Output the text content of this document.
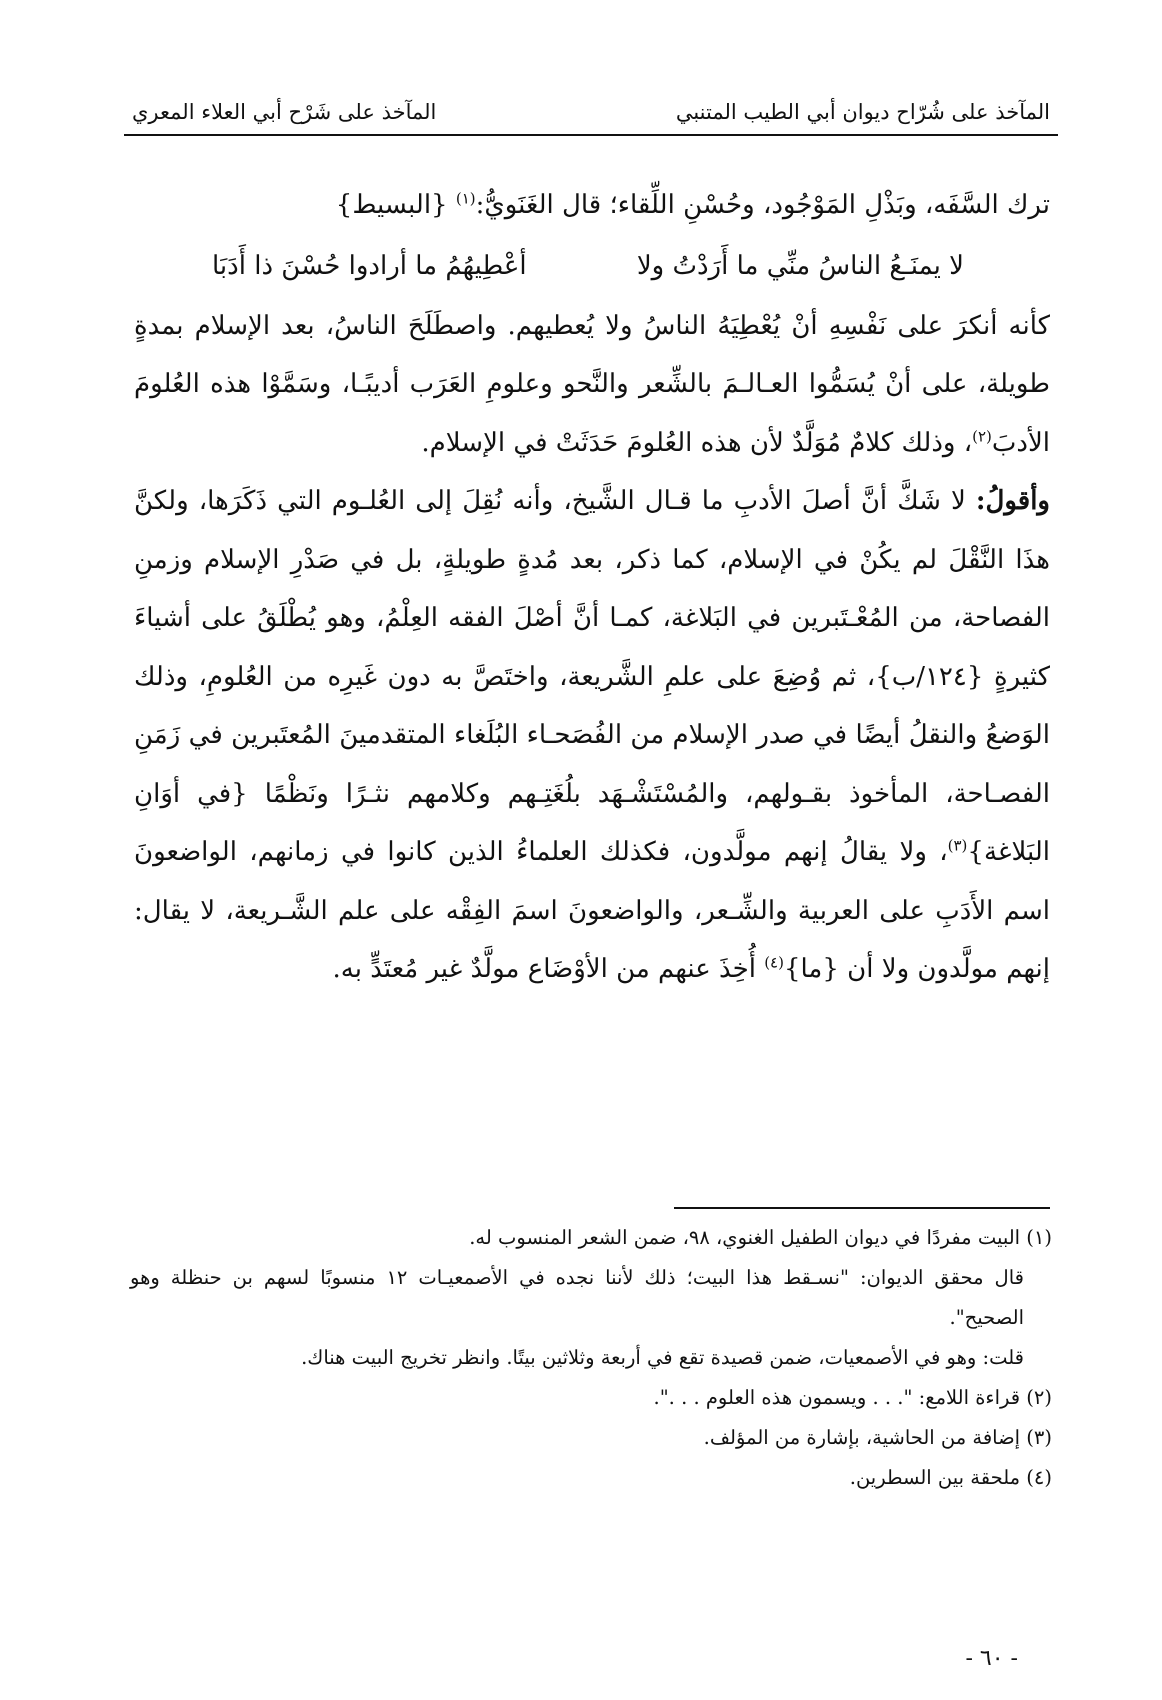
المآخذ على شُرّاح ديوان أبي الطيب المتنبي
المآخذ على شَرْح أبي العلاء المعري

ترك السَّفَه، وبَذْلِ المَوْجُود، وحُسْنِ اللِّقاء؛ قال الغَنَويُّ:$^{(١)}$ {البسيط}

لا يمنَـعُ الناسُ منِّي ما أَرَدْتُ ولا
أعْطِيهُمُ ما أرادوا حُسْنَ ذا أَدَبَا

كأنه أنكرَ على نَفْسِهِ أنْ يُعْطِيَهُ الناسُ ولا يُعطيهم. واصطَلَحَ الناسُ، بعد الإسلام بمدةٍ طويلة، على أنْ يُسَمُّوا العـالـمَ بالشِّعر والنَّحو وعلومِ العَرَب أديبًـا، وسَمَّوْا هذه العُلومَ الأدبَ$^{(٢)}$، وذلك كلامٌ مُوَلَّدٌ لأن هذه العُلومَ حَدَثَتْ في الإسلام.

وأقولُ: لا شَكَّ أنَّ أصلَ الأدبِ ما قـال الشَّيخ، وأنه نُقِلَ إلى العُلـوم التي ذَكَرَها، ولكنَّ هذَا النَّقْلَ لم يكُنْ في الإسلام، كما ذكر، بعد مُدةٍ طويلةٍ، بل في صَدْرِ الإسلام وزمنِ الفصاحة، من المُعْـتَبرين في البَلاغة، كمـا أنَّ أصْلَ الفقه العِلْمُ، وهو يُطْلَقُ على أشياءَ كثيرةٍ {١٢٤/ب}، ثم وُضِعَ على علمِ الشَّريعة، واختَصَّ به دون غَيرِه من العُلومِ، وذلك الوَضعُ والنقلُ أيضًا في صدر الإسلام من الفُصَحـاء البُلَغاء المتقدمينَ المُعتَبرين في زَمَنِ الفصـاحة، المأخوذ بقـولهم، والمُسْتَشْـهَد بلُغَتِـهم وكلامهم نثـرًا ونَظْمًا {في أوَانِ البَلاغة}$^{(٣)}$، ولا يقالُ إنهم مولَّدون، فكذلك العلماءُ الذين كانوا في زمانهم، الواضعونَ اسم الأَدَبِ على العربية والشِّـعر، والواضعونَ اسمَ الفِقْه على علم الشَّـريعة، لا يقال: إنهم مولَّدون ولا أن {ما}$^{(٤)}$ أُخِذَ عنهم من الأوْضَاع مولَّدٌ غير مُعتَدٍّ به.

(١) البيت مفردًا في ديوان الطفيل الغنوي، ٩٨، ضمن الشعر المنسوب له.

قال محقق الديوان: "نسـقط هذا البيت؛ ذلك لأننا نجده في الأصمعيـات ١٢ منسوبًا لسهم بن حنظلة وهو الصحيح".

قلت: وهو في الأصمعيات، ضمن قصيدة تقع في أربعة وثلاثين بيتًا. وانظر تخريج البيت هناك.

(٢) قراءة اللامع: ". . . ويسمون هذه العلوم . . .".

(٣) إضافة من الحاشية، بإشارة من المؤلف.

(٤) ملحقة بين السطرين.

- ٦٠ -
